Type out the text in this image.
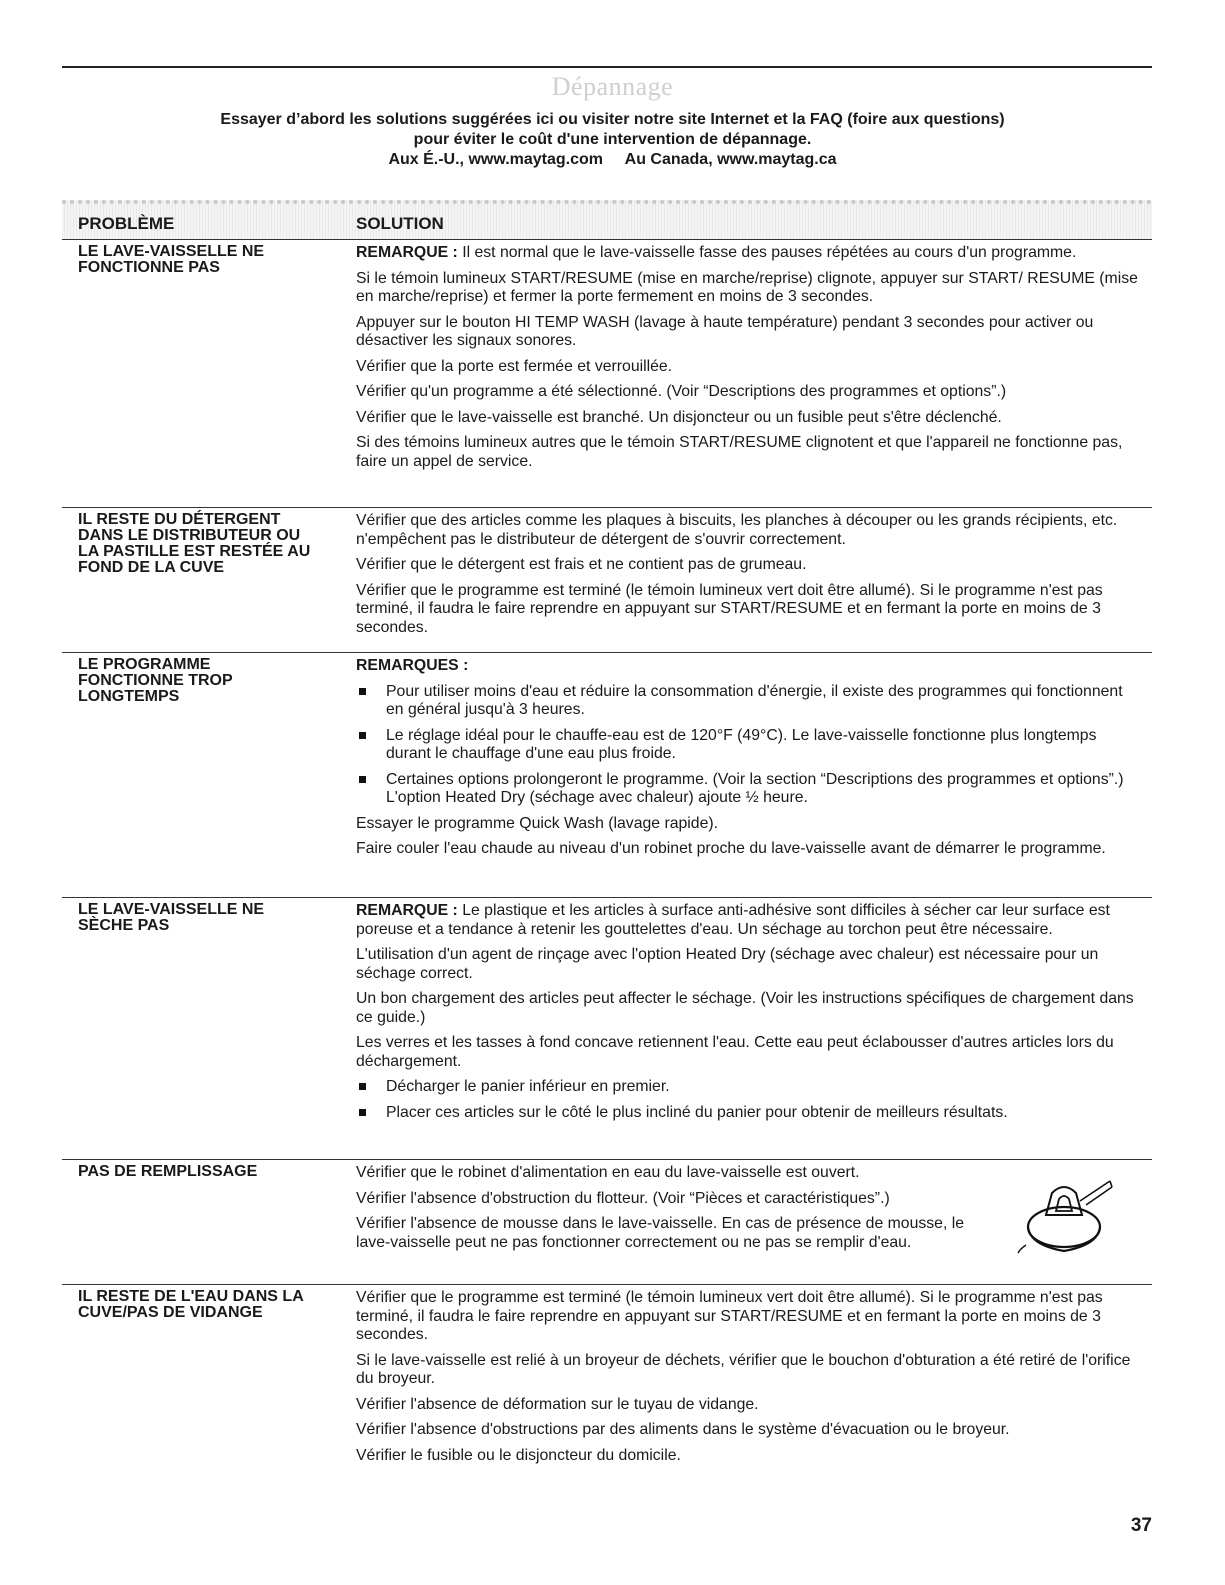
Dépannage
Essayer d’abord les solutions suggérées ici ou visiter notre site Internet et la FAQ (foire aux questions)
pour éviter le coût d'une intervention de dépannage.
Aux É.-U., www.maytag.com     Au Canada, www.maytag.ca
PROBLÈME	SOLUTION
LE LAVE-VAISSELLE NE
FONCTIONNE PAS

REMARQUE : Il est normal que le lave-vaisselle fasse des pauses répétées au cours d'un programme.

Si le témoin lumineux START/RESUME (mise en marche/reprise) clignote, appuyer sur START/ RESUME (mise en marche/reprise) et fermer la porte fermement en moins de 3 secondes.

Appuyer sur le bouton HI TEMP WASH (lavage à haute température) pendant 3 secondes pour activer ou désactiver les signaux sonores.

Vérifier que la porte est fermée et verrouillée.

Vérifier qu'un programme a été sélectionné. (Voir “Descriptions des programmes et options”.)

Vérifier que le lave-vaisselle est branché. Un disjoncteur ou un fusible peut s'être déclenché.

Si des témoins lumineux autres que le témoin START/RESUME clignotent et que l'appareil ne fonctionne pas, faire un appel de service.

IL RESTE DU DÉTERGENT
DANS LE DISTRIBUTEUR OU
LA PASTILLE EST RESTÉE AU
FOND DE LA CUVE

Vérifier que des articles comme les plaques à biscuits, les planches à découper ou les grands récipients, etc. n'empêchent pas le distributeur de détergent de s'ouvrir correctement.

Vérifier que le détergent est frais et ne contient pas de grumeau.

Vérifier que le programme est terminé (le témoin lumineux vert doit être allumé). Si le programme n'est pas terminé, il faudra le faire reprendre en appuyant sur START/RESUME et en fermant la porte en moins de 3 secondes.

LE PROGRAMME
FONCTIONNE TROP
LONGTEMPS

REMARQUES :

Pour utiliser moins d'eau et réduire la consommation d'énergie, il existe des programmes qui fonctionnent en général jusqu'à 3 heures.
Le réglage idéal pour le chauffe-eau est de 120°F (49°C). Le lave-vaisselle fonctionne plus longtemps durant le chauffage d'une eau plus froide.
Certaines options prolongeront le programme. (Voir la section “Descriptions des programmes et options”.) L'option Heated Dry (séchage avec chaleur) ajoute ½ heure.

Essayer le programme Quick Wash (lavage rapide).

Faire couler l'eau chaude au niveau d'un robinet proche du lave-vaisselle avant de démarrer le programme.

LE LAVE-VAISSELLE NE
SÈCHE PAS

REMARQUE : Le plastique et les articles à surface anti-adhésive sont difficiles à sécher car leur surface est poreuse et a tendance à retenir les gouttelettes d'eau. Un séchage au torchon peut être nécessaire.

L'utilisation d'un agent de rinçage avec l'option Heated Dry (séchage avec chaleur) est nécessaire pour un séchage correct.

Un bon chargement des articles peut affecter le séchage. (Voir les instructions spécifiques de chargement dans ce guide.)

Les verres et les tasses à fond concave retiennent l'eau. Cette eau peut éclabousser d'autres articles lors du déchargement.

Décharger le panier inférieur en premier.
Placer ces articles sur le côté le plus incliné du panier pour obtenir de meilleurs résultats.
PAS DE REMPLISSAGE	Vérifier que le robinet d'alimentation en eau du lave-vaisselle est ouvert.

Vérifier l'absence d'obstruction du flotteur. (Voir “Pièces et caractéristiques”.)

Vérifier l'absence de mousse dans le lave-vaisselle. En cas de présence de mousse, le lave-vaisselle peut ne pas fonctionner correctement ou ne pas se remplir d'eau.

IL RESTE DE L'EAU DANS LA
CUVE/PAS DE VIDANGE

Vérifier que le programme est terminé (le témoin lumineux vert doit être allumé). Si le programme n'est pas terminé, il faudra le faire reprendre en appuyant sur START/RESUME et en fermant la porte en moins de 3 secondes.

Si le lave-vaisselle est relié à un broyeur de déchets, vérifier que le bouchon d'obturation a été retiré de l'orifice du broyeur.

Vérifier l'absence de déformation sur le tuyau de vidange.

Vérifier l'absence d'obstructions par des aliments dans le système d'évacuation ou le broyeur.

Vérifier le fusible ou le disjoncteur du domicile.

37
